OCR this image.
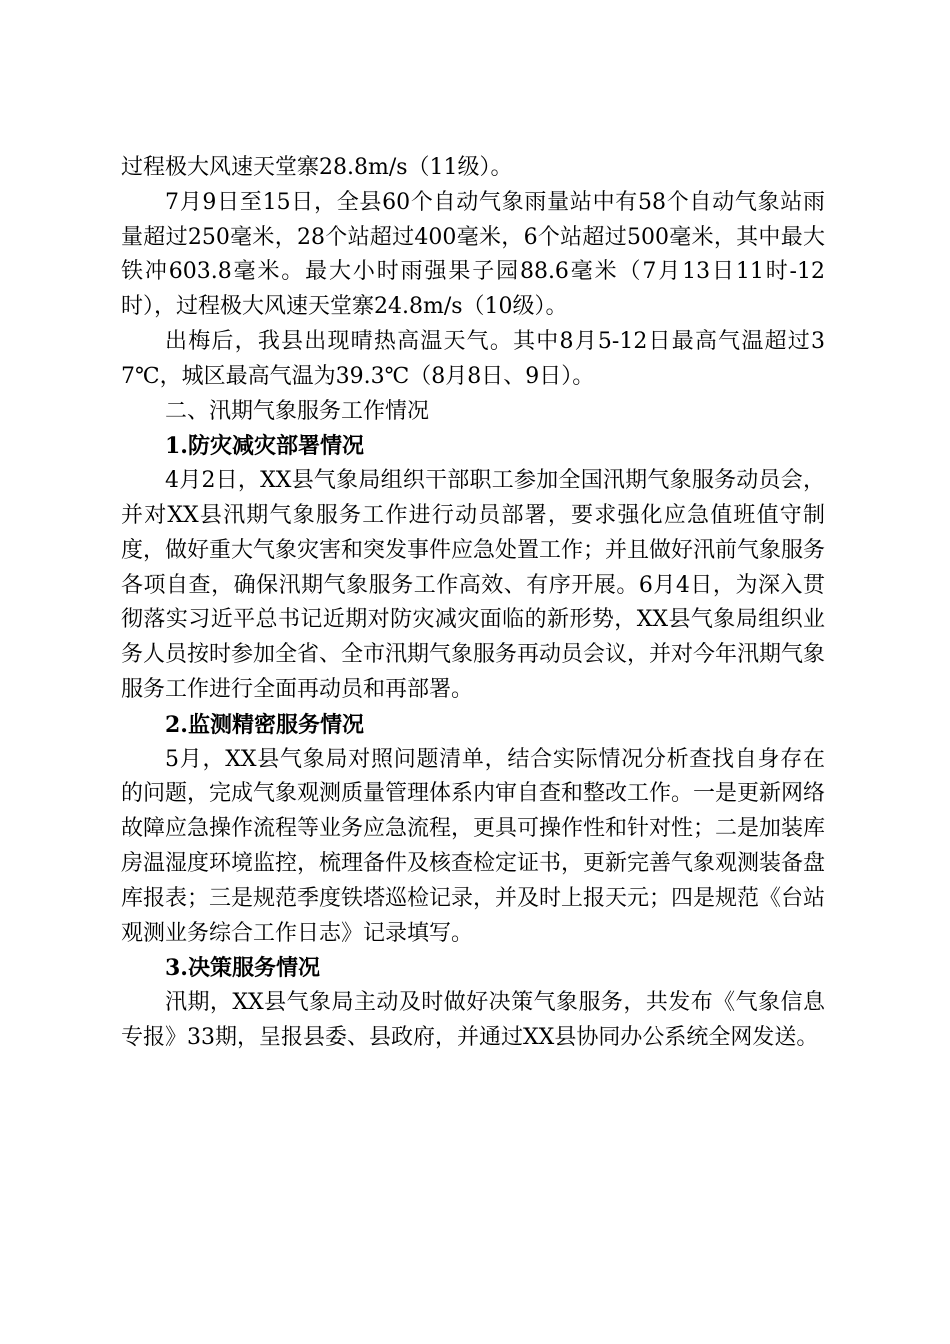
过程极大风速天堂寨28.8m/s（11级）。

7月9日至15日，全县60个自动气象雨量站中有58个自动气象站雨量超过250毫米，28个站超过400毫米，6个站超过500毫米，其中最大铁冲603.8毫米。最大小时雨强果子园88.6毫米（7月13日11时-12时），过程极大风速天堂寨24.8m/s（10级）。

出梅后，我县出现晴热高温天气。其中8月5-12日最高气温超过37℃，城区最高气温为39.3℃（8月8日、9日）。

二、汛期气象服务工作情况

1.防灾减灾部署情况

4月2日，XX县气象局组织干部职工参加全国汛期气象服务动员会，并对XX县汛期气象服务工作进行动员部署，要求强化应急值班值守制度，做好重大气象灾害和突发事件应急处置工作；并且做好汛前气象服务各项自查，确保汛期气象服务工作高效、有序开展。6月4日，为深入贯彻落实习近平总书记近期对防灾减灾面临的新形势，XX县气象局组织业务人员按时参加全省、全市汛期气象服务再动员会议，并对今年汛期气象服务工作进行全面再动员和再部署。

2.监测精密服务情况

5月，XX县气象局对照问题清单，结合实际情况分析查找自身存在的问题，完成气象观测质量管理体系内审自查和整改工作。一是更新网络故障应急操作流程等业务应急流程，更具可操作性和针对性；二是加装库房温湿度环境监控，梳理备件及核查检定证书，更新完善气象观测装备盘库报表；三是规范季度铁塔巡检记录，并及时上报天元；四是规范《台站观测业务综合工作日志》记录填写。

3.决策服务情况

汛期，XX县气象局主动及时做好决策气象服务，共发布《气象信息专报》33期，呈报县委、县政府，并通过XX县协同办公系统全网发送。
